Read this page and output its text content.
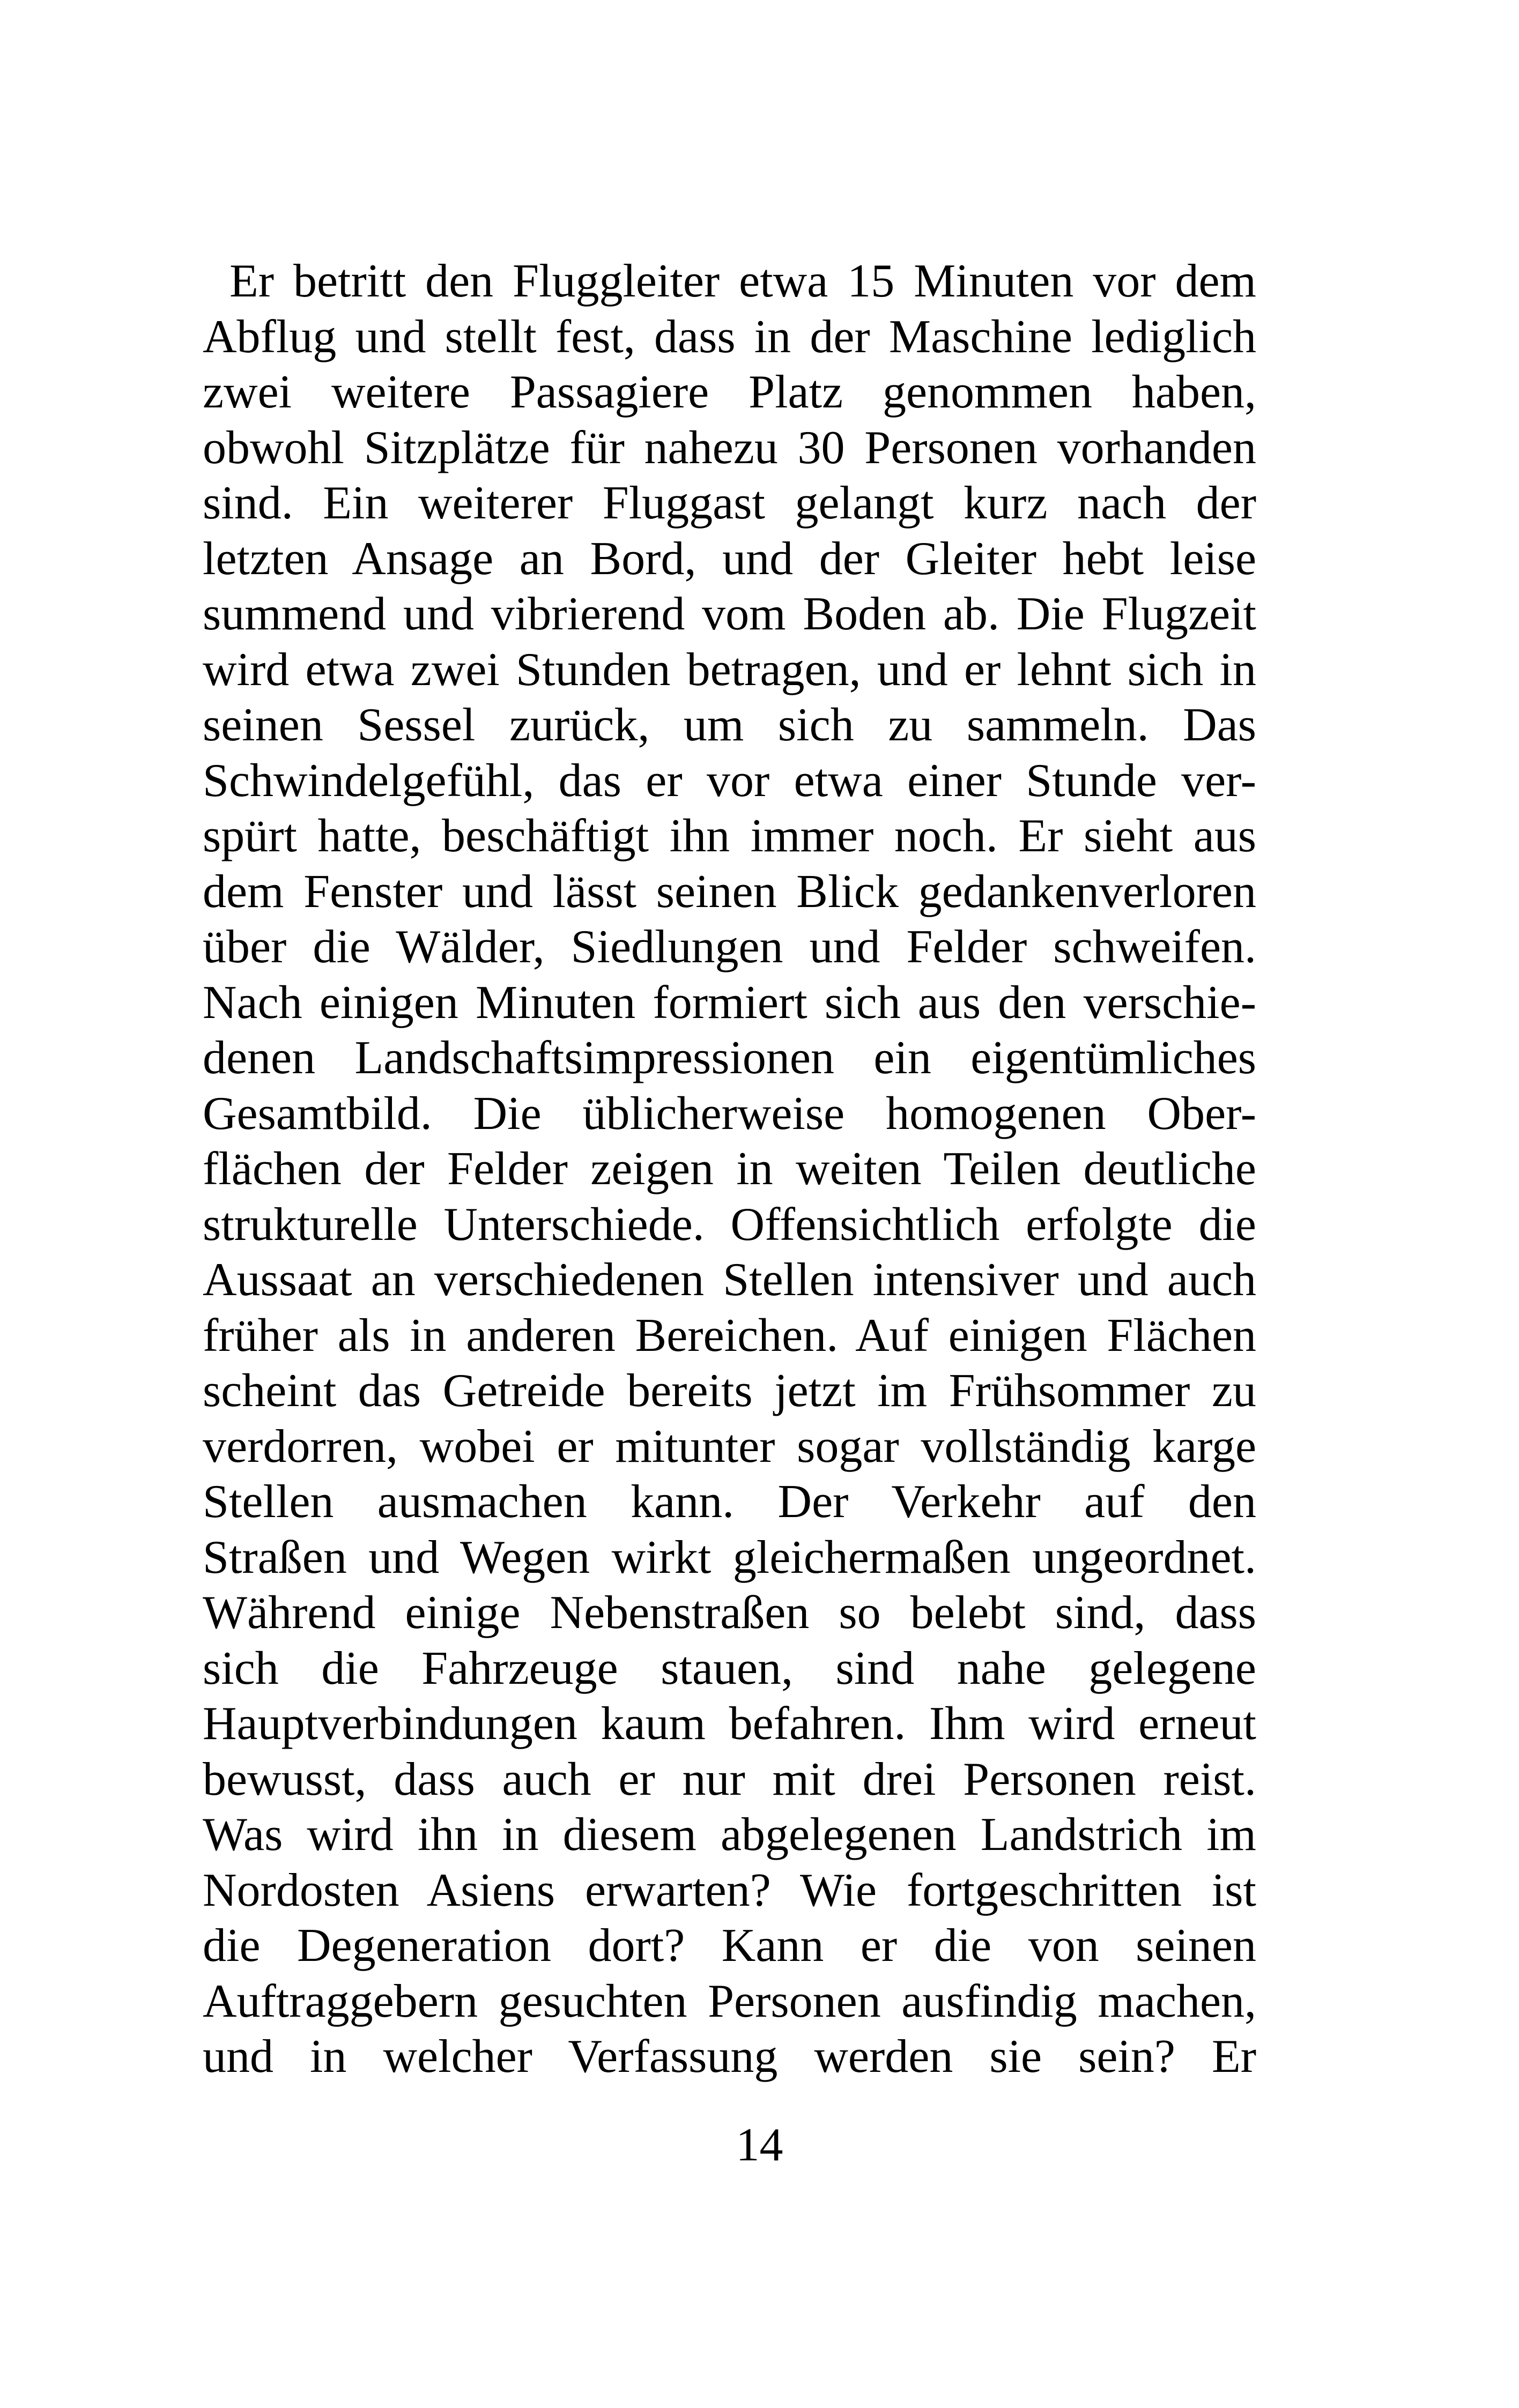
Er betritt den Fluggleiter etwa 15 Minuten vor dem
Abflug und stellt fest, dass in der Maschine lediglich
zwei weitere Passagiere Platz genommen haben,
obwohl Sitzplätze für nahezu 30 Personen vorhanden
sind. Ein weiterer Fluggast gelangt kurz nach der
letzten Ansage an Bord, und der Gleiter hebt leise
summend und vibrierend vom Boden ab. Die Flugzeit
wird etwa zwei Stunden betragen, und er lehnt sich in
seinen Sessel zurück, um sich zu sammeln. Das
Schwindelgefühl, das er vor etwa einer Stunde ver-
spürt hatte, beschäftigt ihn immer noch. Er sieht aus
dem Fenster und lässt seinen Blick gedankenverloren
über die Wälder, Siedlungen und Felder schweifen.
Nach einigen Minuten formiert sich aus den verschie-
denen Landschaftsimpressionen ein eigentümliches
Gesamtbild. Die üblicherweise homogenen Ober-
flächen der Felder zeigen in weiten Teilen deutliche
strukturelle Unterschiede. Offensichtlich erfolgte die
Aussaat an verschiedenen Stellen intensiver und auch
früher als in anderen Bereichen. Auf einigen Flächen
scheint das Getreide bereits jetzt im Frühsommer zu
verdorren, wobei er mitunter sogar vollständig karge
Stellen ausmachen kann. Der Verkehr auf den
Straßen und Wegen wirkt gleichermaßen ungeordnet.
Während einige Nebenstraßen so belebt sind, dass
sich die Fahrzeuge stauen, sind nahe gelegene
Hauptverbindungen kaum befahren. Ihm wird erneut
bewusst, dass auch er nur mit drei Personen reist.
Was wird ihn in diesem abgelegenen Landstrich im
Nordosten Asiens erwarten? Wie fortgeschritten ist
die Degeneration dort? Kann er die von seinen
Auftraggebern gesuchten Personen ausfindig machen,
und in welcher Verfassung werden sie sein? Er
14
